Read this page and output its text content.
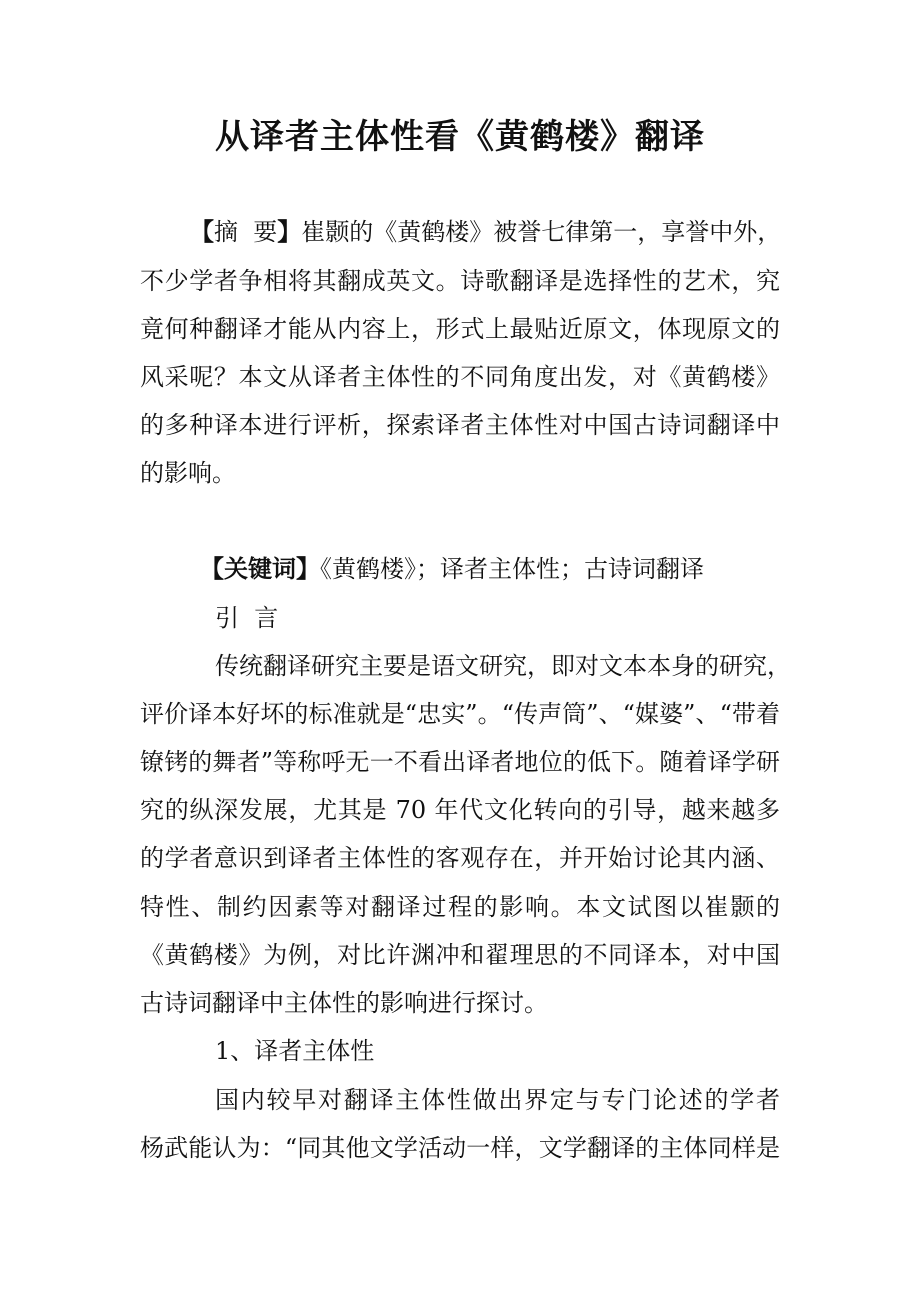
从译者主体性看《黄鹤楼》翻译
【摘  要】崔颢的《黄鹤楼》被誉七律第一，享誉中外，
不少学者争相将其翻成英文。诗歌翻译是选择性的艺术，究
竟何种翻译才能从内容上，形式上最贴近原文，体现原文的
风采呢？本文从译者主体性的不同角度出发，对《黄鹤楼》
的多种译本进行评析，探索译者主体性对中国古诗词翻译中
的影响。
【关键词】《黄鹤楼》；译者主体性；古诗词翻译
引  言
传统翻译研究主要是语文研究，即对文本本身的研究，
评价译本好坏的标准就是“忠实”。“传声筒”、“媒婆”、“带着
镣铐的舞者”等称呼无一不看出译者地位的低下。随着译学研
究的纵深发展，尤其是 70 年代文化转向的引导，越来越多
的学者意识到译者主体性的客观存在，并开始讨论其内涵、
特性、制约因素等对翻译过程的影响。本文试图以崔颢的
《黄鹤楼》为例，对比许渊冲和翟理思的不同译本，对中国
古诗词翻译中主体性的影响进行探讨。
1、译者主体性
国内较早对翻译主体性做出界定与专门论述的学者
杨武能认为：“同其他文学活动一样，文学翻译的主体同样是
